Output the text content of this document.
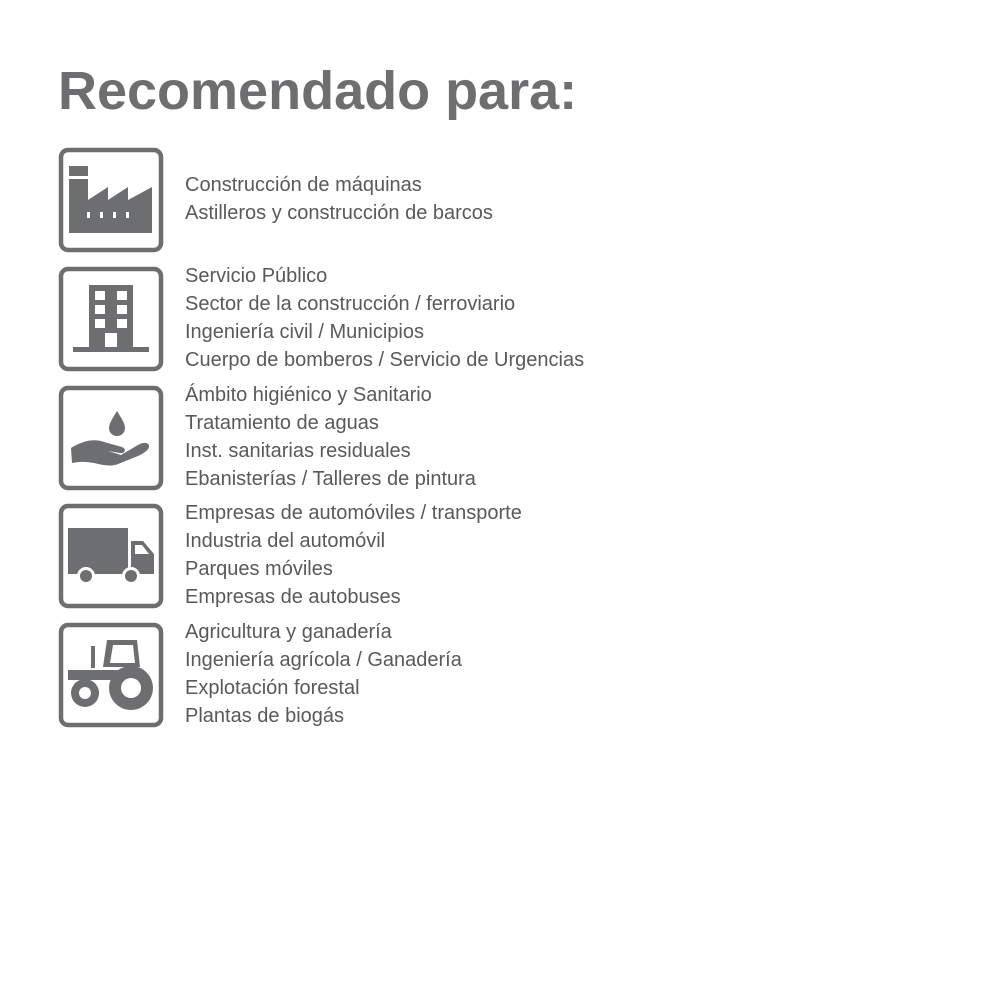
Recomendado para:
Construcción de máquinas
Astilleros y construcción de barcos
Servicio Público
Sector de la construcción / ferroviario
Ingeniería civil / Municipios
Cuerpo de bomberos / Servicio de Urgencias
Ámbito higiénico y Sanitario
Tratamiento de aguas
Inst. sanitarias residuales
Ebanisterías / Talleres de pintura
Empresas de automóviles / transporte
Industria del automóvil
Parques móviles
Empresas de autobuses
Agricultura y ganadería
Ingeniería agrícola / Ganadería
Explotación forestal
Plantas de biogás
